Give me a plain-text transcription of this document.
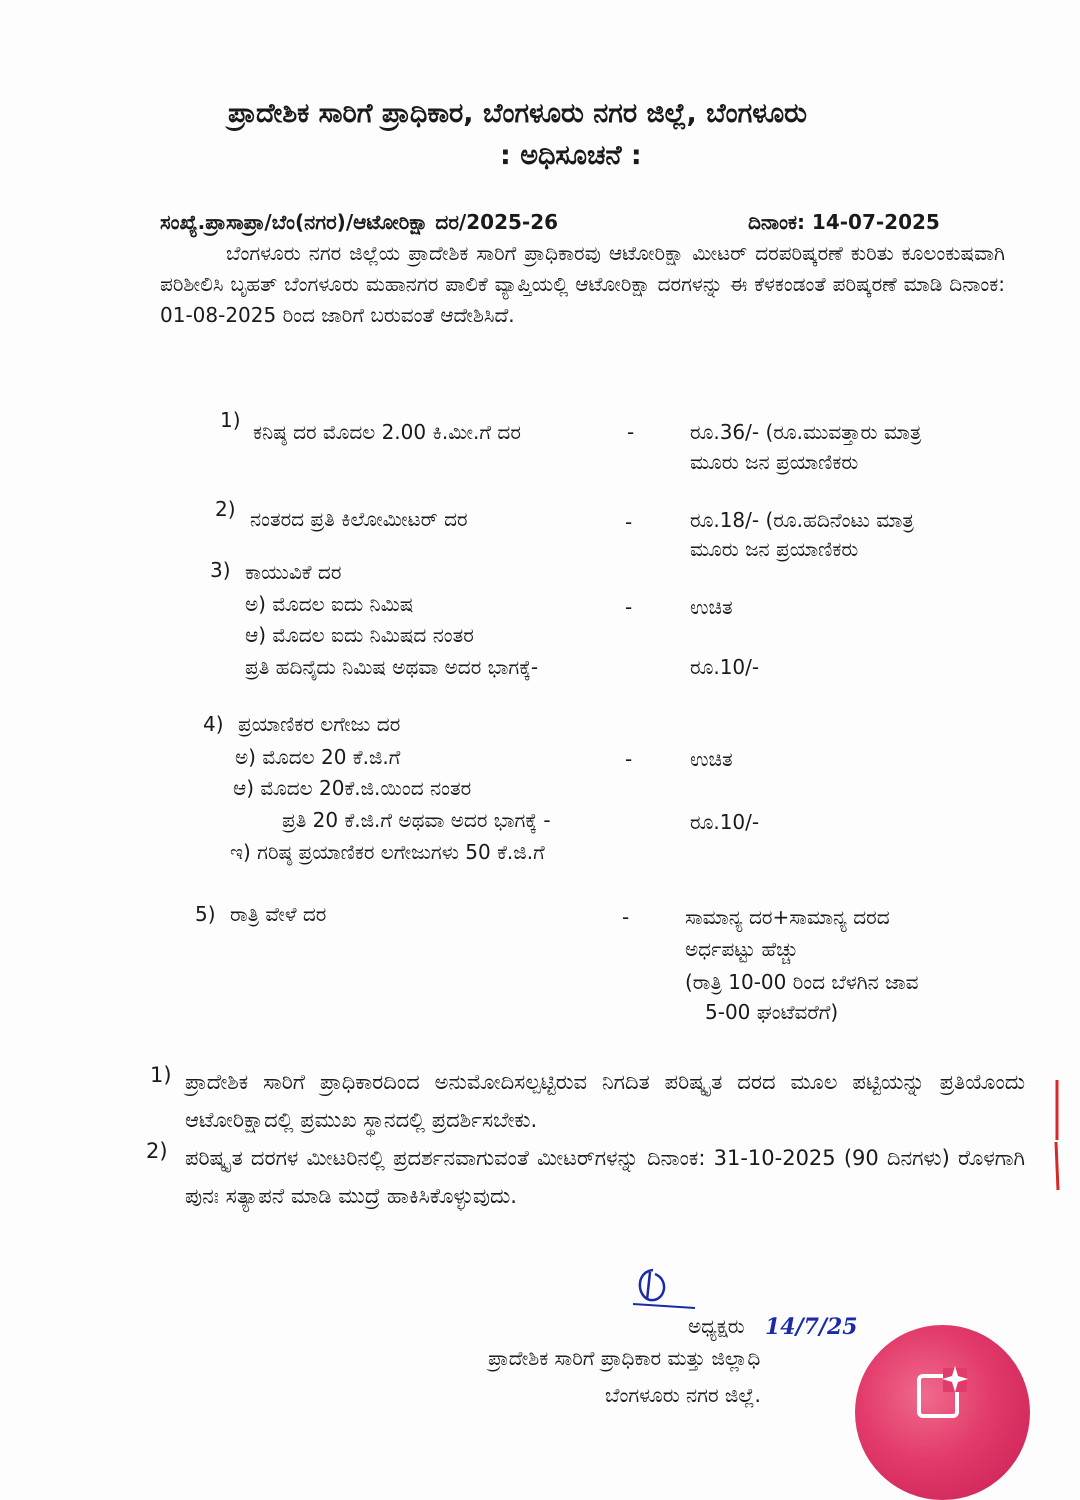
ಪ್ರಾದೇಶಿಕ ಸಾರಿಗೆ ಪ್ರಾಧಿಕಾರ, ಬೆಂಗಳೂರು ನಗರ ಜಿಲ್ಲೆ, ಬೆಂಗಳೂರು
: ಅಧಿಸೂಚನೆ :
ಸಂಖ್ಯೆ.ಪ್ರಾಸಾಪ್ರಾ/ಬೆಂ(ನಗರ)/ಆಟೋರಿಕ್ಷಾ ದರ/2025-26	ದಿನಾಂಕ: 14-07-2025
ಬೆಂಗಳೂರು ನಗರ ಜಿಲ್ಲೆಯ ಪ್ರಾದೇಶಿಕ ಸಾರಿಗೆ ಪ್ರಾಧಿಕಾರವು ಆಟೋರಿಕ್ಷಾ ಮೀಟರ್ ದರಪರಿಷ್ಕರಣೆ ಕುರಿತು ಕೂಲಂಕುಷವಾಗಿ ಪರಿಶೀಲಿಸಿ ಬೃಹತ್ ಬೆಂಗಳೂರು ಮಹಾನಗರ ಪಾಲಿಕೆ ವ್ಯಾಪ್ತಿಯಲ್ಲಿ ಆಟೋರಿಕ್ಷಾ ದರಗಳನ್ನು ಈ ಕೆಳಕಂಡಂತೆ ಪರಿಷ್ಕರಣೆ ಮಾಡಿ ದಿನಾಂಕ: 01-08-2025 ರಿಂದ ಜಾರಿಗೆ ಬರುವಂತೆ ಆದೇಶಿಸಿದೆ.
1) ಕನಿಷ್ಠ ದರ ಮೊದಲ 2.00 ಕಿ.ಮೀ.ಗೆ ದರ	-	ರೂ.36/- (ರೂ.ಮುವತ್ತಾರು ಮಾತ್ರ
ಮೂರು ಜನ ಪ್ರಯಾಣಿಕರು
2) ನಂತರದ ಪ್ರತಿ ಕಿಲೋಮೀಟರ್ ದರ	-	ರೂ.18/- (ರೂ.ಹದಿನೆಂಟು ಮಾತ್ರ
ಮೂರು ಜನ ಪ್ರಯಾಣಿಕರು
3) ಕಾಯುವಿಕೆ ದರ
ಅ) ಮೊದಲ ಐದು ನಿಮಿಷ	-	ಉಚಿತ
ಆ) ಮೊದಲ ಐದು ನಿಮಿಷದ ನಂತರ
ಪ್ರತಿ ಹದಿನೈದು ನಿಮಿಷ ಅಥವಾ ಅದರ ಭಾಗಕ್ಕೆ-	ರೂ.10/-
4) ಪ್ರಯಾಣಿಕರ ಲಗೇಜು ದರ
ಅ) ಮೊದಲ 20 ಕೆ.ಜಿ.ಗೆ	-	ಉಚಿತ
ಆ) ಮೊದಲ 20ಕೆ.ಜಿ.ಯಿಂದ ನಂತರ
ಪ್ರತಿ 20 ಕೆ.ಜಿ.ಗೆ ಅಥವಾ ಅದರ ಭಾಗಕ್ಕೆ -	ರೂ.10/-
ಇ) ಗರಿಷ್ಠ ಪ್ರಯಾಣಿಕರ ಲಗೇಜುಗಳು 50 ಕೆ.ಜಿ.ಗೆ
5) ರಾತ್ರಿ ವೇಳೆ ದರ	-	ಸಾಮಾನ್ಯ ದರ+ಸಾಮಾನ್ಯ ದರದ
ಅರ್ಧಪಟ್ಟು ಹೆಚ್ಚು
(ರಾತ್ರಿ 10-00 ರಿಂದ ಬೆಳಗಿನ ಜಾವ
5-00 ಘಂಟೆವರೆಗೆ)
1) ಪ್ರಾದೇಶಿಕ ಸಾರಿಗೆ ಪ್ರಾಧಿಕಾರದಿಂದ ಅನುಮೋದಿಸಲ್ಪಟ್ಟಿರುವ ನಿಗದಿತ ಪರಿಷ್ಕೃತ ದರದ ಮೂಲ ಪಟ್ಟಿಯನ್ನು ಪ್ರತಿಯೊಂದು ಆಟೋರಿಕ್ಷಾದಲ್ಲಿ ಪ್ರಮುಖ ಸ್ಥಾನದಲ್ಲಿ ಪ್ರದರ್ಶಿಸಬೇಕು.
2) ಪರಿಷ್ಕೃತ ದರಗಳ ಮೀಟರಿನಲ್ಲಿ ಪ್ರದರ್ಶನವಾಗುವಂತೆ ಮೀಟರ್‌ಗಳನ್ನು ದಿನಾಂಕ: 31-10-2025 (90 ದಿನಗಳು) ರೊಳಗಾಗಿ ಪುನಃ ಸತ್ಯಾಪನೆ ಮಾಡಿ ಮುದ್ರೆ ಹಾಕಿಸಿಕೊಳ್ಳುವುದು.
ಅಧ್ಯಕ್ಷರು 14/7/25
ಪ್ರಾದೇಶಿಕ ಸಾರಿಗೆ ಪ್ರಾಧಿಕಾರ ಮತ್ತು ಜಿಲ್ಲಾಧಿ
ಬೆಂಗಳೂರು ನಗರ ಜಿಲ್ಲೆ.
